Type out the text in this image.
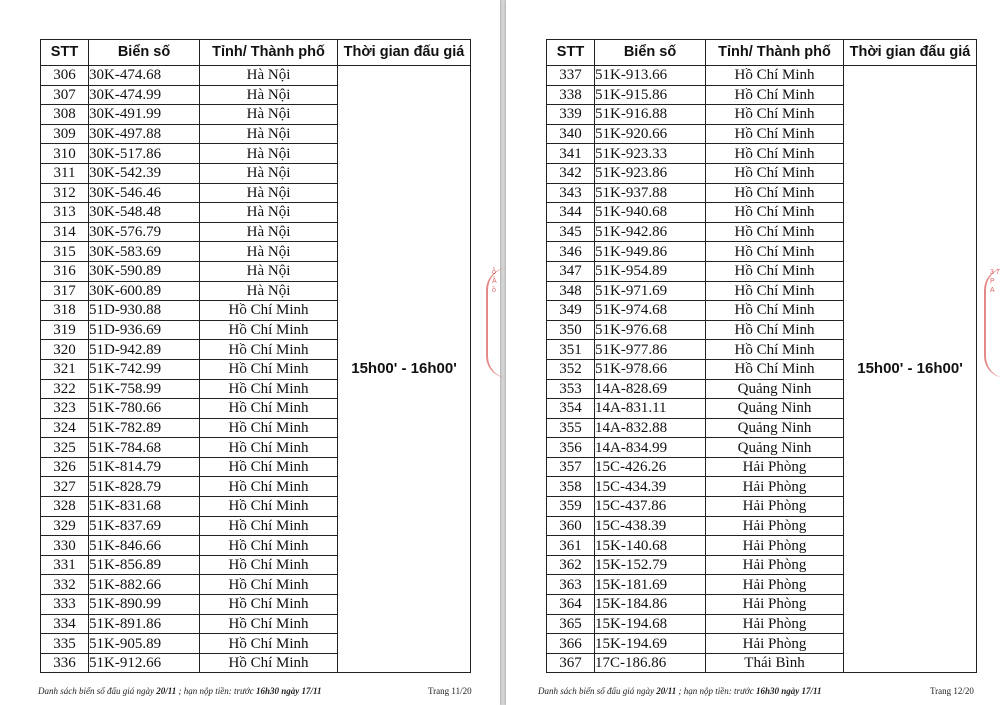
STT	Biển số	Tỉnh/ Thành phố	Thời gian đấu giá
306	30K-474.68	Hà Nội	15h00' - 16h00'
307	30K-474.99	Hà Nội	
308	30K-491.99	Hà Nội	
309	30K-497.88	Hà Nội	
310	30K-517.86	Hà Nội	
311	30K-542.39	Hà Nội	
312	30K-546.46	Hà Nội	
313	30K-548.48	Hà Nội	
314	30K-576.79	Hà Nội	
315	30K-583.69	Hà Nội	
316	30K-590.89	Hà Nội	
317	30K-600.89	Hà Nội	
318	51D-930.88	Hồ Chí Minh	
319	51D-936.69	Hồ Chí Minh	
320	51D-942.89	Hồ Chí Minh	
321	51K-742.99	Hồ Chí Minh	
322	51K-758.99	Hồ Chí Minh	
323	51K-780.66	Hồ Chí Minh	
324	51K-782.89	Hồ Chí Minh	
325	51K-784.68	Hồ Chí Minh	
326	51K-814.79	Hồ Chí Minh	
327	51K-828.79	Hồ Chí Minh	
328	51K-831.68	Hồ Chí Minh	
329	51K-837.69	Hồ Chí Minh	
330	51K-846.66	Hồ Chí Minh	
331	51K-856.89	Hồ Chí Minh	
332	51K-882.66	Hồ Chí Minh	
333	51K-890.99	Hồ Chí Minh	
334	51K-891.86	Hồ Chí Minh	
335	51K-905.89	Hồ Chí Minh	
336	51K-912.66	Hồ Chí Minh	
Danh sách biển số đấu giá ngày 20/11 ; hạn nộp tiền: trước 16h30 ngày 17/11	Trang 11/20
ỗ
Â
ồ
STT	Biển số	Tỉnh/ Thành phố	Thời gian đấu giá
337	51K-913.66	Hồ Chí Minh	15h00' - 16h00'
338	51K-915.86	Hồ Chí Minh	
339	51K-916.88	Hồ Chí Minh	
340	51K-920.66	Hồ Chí Minh	
341	51K-923.33	Hồ Chí Minh	
342	51K-923.86	Hồ Chí Minh	
343	51K-937.88	Hồ Chí Minh	
344	51K-940.68	Hồ Chí Minh	
345	51K-942.86	Hồ Chí Minh	
346	51K-949.86	Hồ Chí Minh	
347	51K-954.89	Hồ Chí Minh	
348	51K-971.69	Hồ Chí Minh	
349	51K-974.68	Hồ Chí Minh	
350	51K-976.68	Hồ Chí Minh	
351	51K-977.86	Hồ Chí Minh	
352	51K-978.66	Hồ Chí Minh	
353	14A-828.69	Quảng Ninh	
354	14A-831.11	Quảng Ninh	
355	14A-832.88	Quảng Ninh	
356	14A-834.99	Quảng Ninh	
357	15C-426.26	Hải Phòng	
358	15C-434.39	Hải Phòng	
359	15C-437.86	Hải Phòng	
360	15C-438.39	Hải Phòng	
361	15K-140.68	Hải Phòng	
362	15K-152.79	Hải Phòng	
363	15K-181.69	Hải Phòng	
364	15K-184.86	Hải Phòng	
365	15K-194.68	Hải Phòng	
366	15K-194.69	Hải Phòng	
367	17C-186.86	Thái Bình	
Danh sách biển số đấu giá ngày 20/11 ; hạn nộp tiền: trước 16h30 ngày 17/11	Trang 12/20
3 7
P
A
